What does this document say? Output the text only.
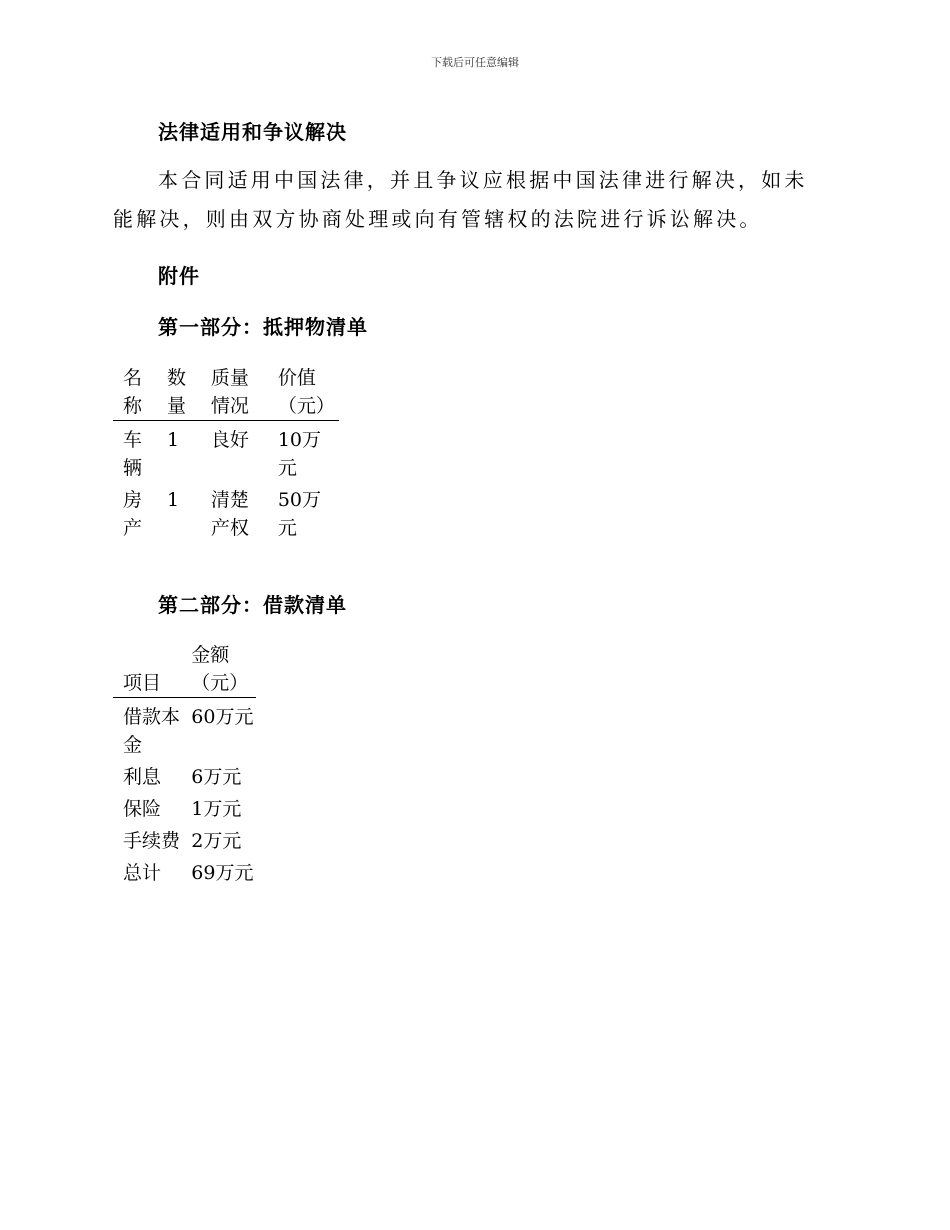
下载后可任意编辑
法律适用和争议解决
本合同适用中国法律，并且争议应根据中国法律进行解决，如未能解决，则由双方协商处理或向有管辖权的法院进行诉讼解决。
附件
第一部分：抵押物清单
名称	数量	质量情况	价值（元）
车辆	1	良好	10万元
房产	1	清楚产权	50万元
第二部分：借款清单
项目	金额（元）
借款本金	60万元
利息	6万元
保险	1万元
手续费	2万元
总计	69万元
